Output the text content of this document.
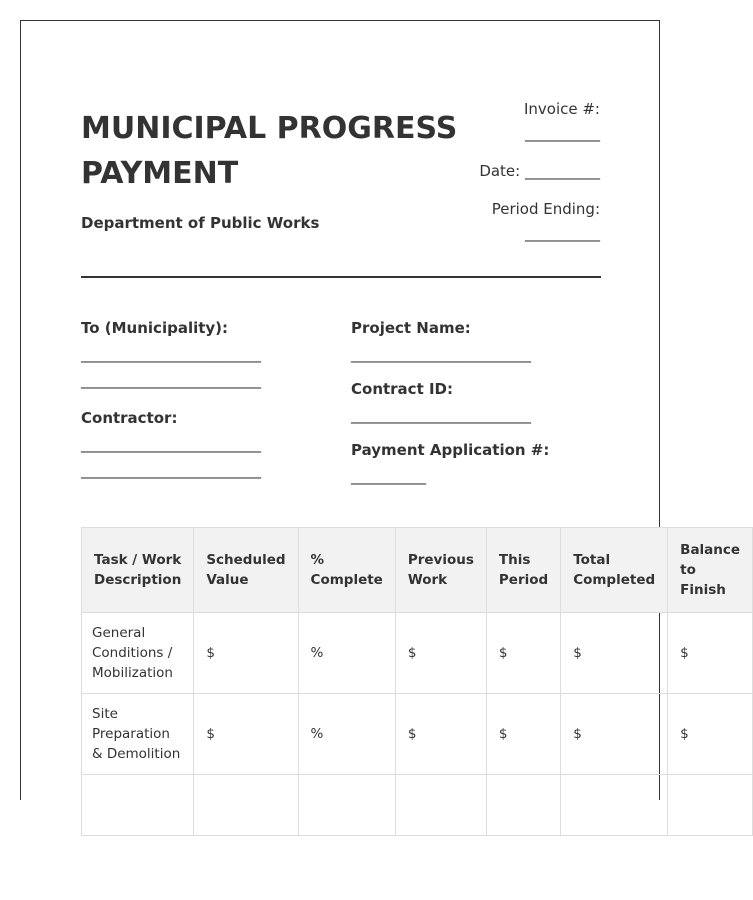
MUNICIPAL PROGRESS PAYMENT
Department of Public Works
Invoice #:
__________
Date: __________
Period Ending:
__________
To (Municipality):
________________________
________________________
Contractor:
________________________
________________________
Project Name:
________________________
Contract ID:
________________________
Payment Application #:
__________
Task / Work Description	Scheduled Value	% Complete	Previous Work	This Period	Total Completed	Balance to Finish
General Conditions / Mobilization	$	%	$	$	$	$
Site Preparation & Demolition	$	%	$	$	$	$
